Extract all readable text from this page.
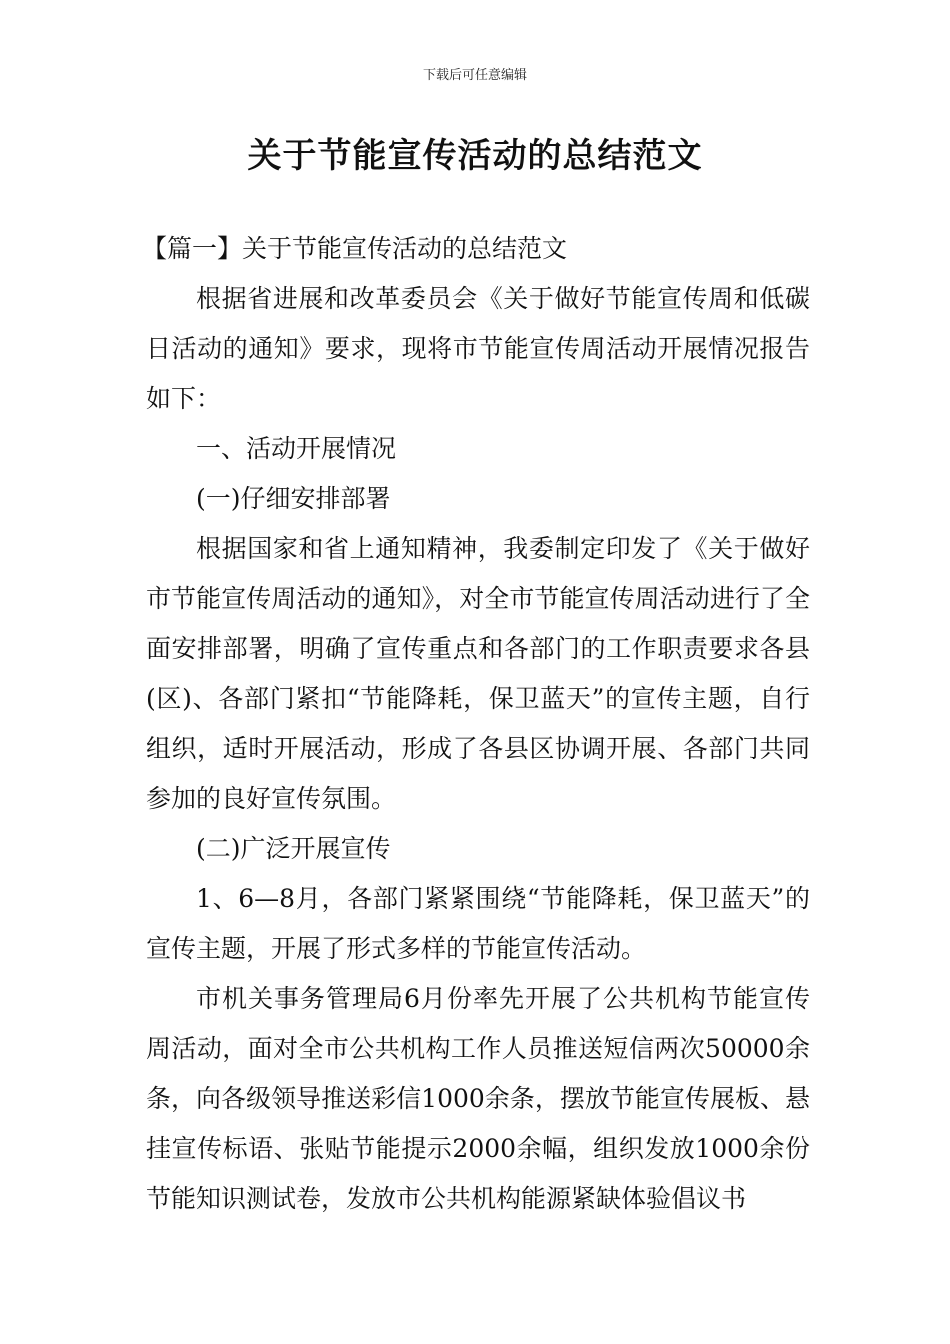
下载后可任意编辑
关于节能宣传活动的总结范文

【篇一】关于节能宣传活动的总结范文

根据省进展和改革委员会《关于做好节能宣传周和低碳日活动的通知》要求，现将市节能宣传周活动开展情况报告如下：

一、活动开展情况

(一)仔细安排部署

根据国家和省上通知精神，我委制定印发了《关于做好市节能宣传周活动的通知》，对全市节能宣传周活动进行了全面安排部署，明确了宣传重点和各部门的工作职责要求各县(区)、各部门紧扣“节能降耗，保卫蓝天”的宣传主题，自行组织，适时开展活动，形成了各县区协调开展、各部门共同参加的良好宣传氛围。

(二)广泛开展宣传

1、6—8月，各部门紧紧围绕“节能降耗，保卫蓝天”的宣传主题，开展了形式多样的节能宣传活动。

市机关事务管理局6月份率先开展了公共机构节能宣传周活动，面对全市公共机构工作人员推送短信两次50000余条，向各级领导推送彩信1000余条，摆放节能宣传展板、悬挂宣传标语、张贴节能提示2000余幅，组织发放1000余份节能知识测试卷，发放市公共机构能源紧缺体验倡议书
